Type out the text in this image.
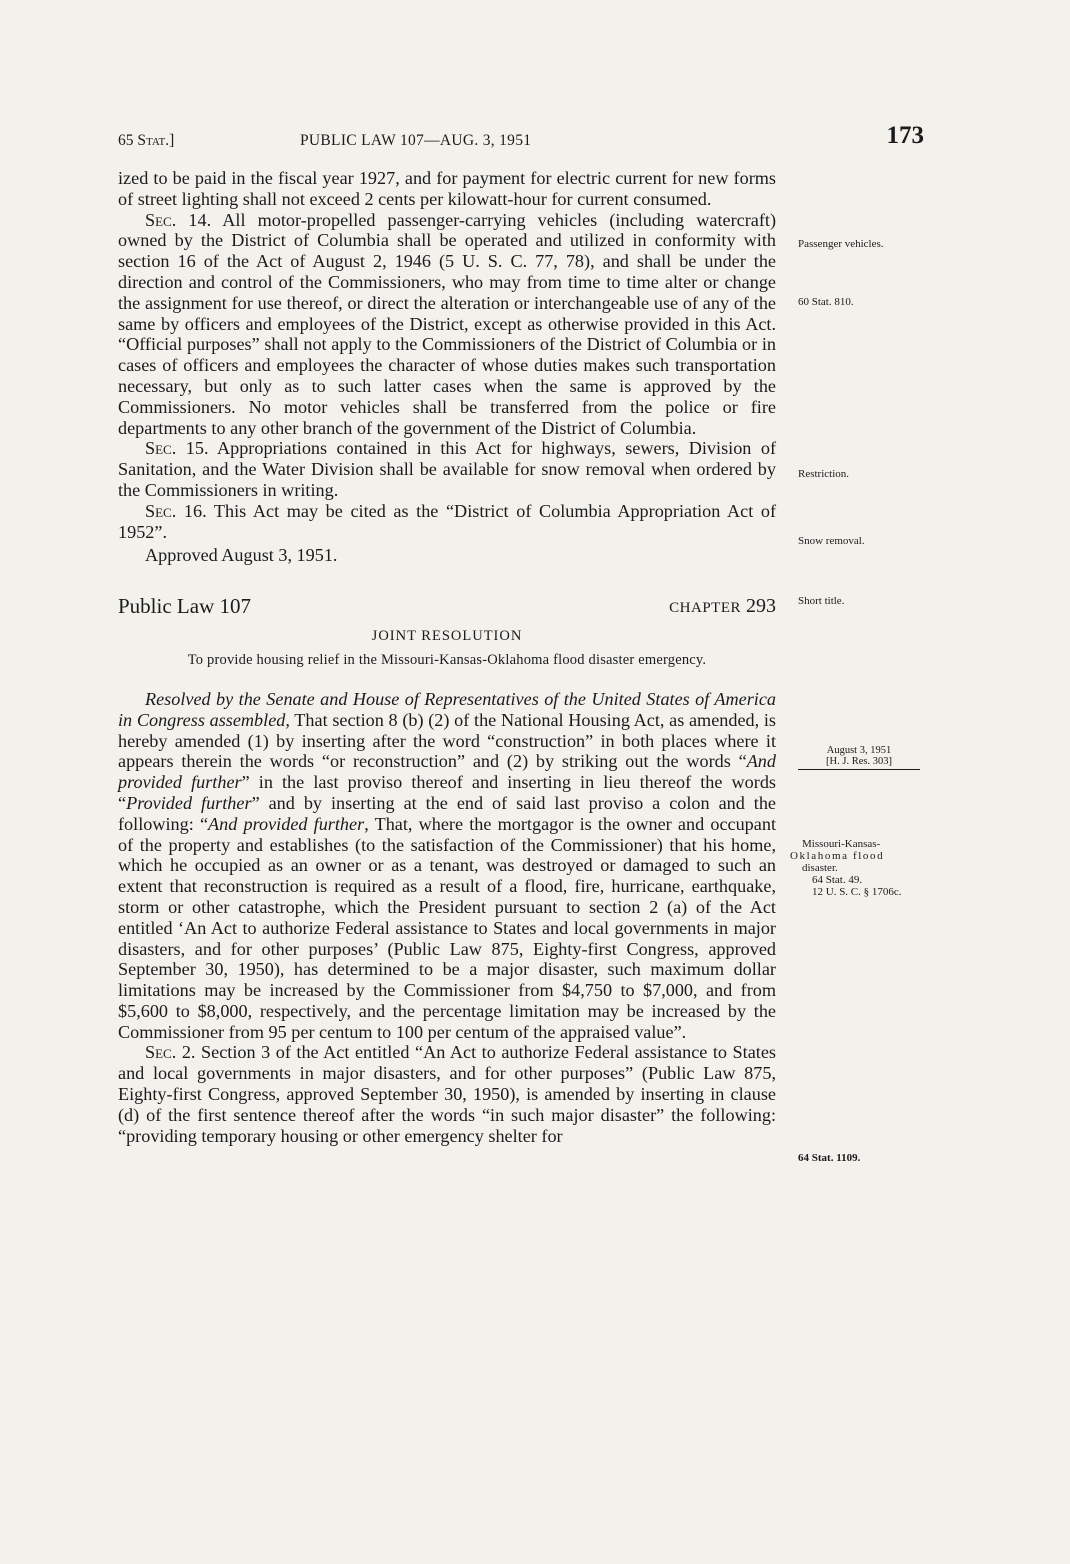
65 Stat.]	PUBLIC LAW 107—AUG. 3, 1951	173

ized to be paid in the fiscal year 1927, and for payment for electric current for new forms of street lighting shall not exceed 2 cents per kilowatt-hour for current consumed.

Sec. 14. All motor-propelled passenger-carrying vehicles (including watercraft) owned by the District of Columbia shall be operated and utilized in conformity with section 16 of the Act of August 2, 1946 (5 U. S. C. 77, 78), and shall be under the direction and control of the Commissioners, who may from time to time alter or change the assignment for use thereof, or direct the alteration or interchangeable use of any of the same by officers and employees of the District, except as otherwise provided in this Act. “Official purposes” shall not apply to the Commissioners of the District of Columbia or in cases of officers and employees the character of whose duties makes such transportation necessary, but only as to such latter cases when the same is approved by the Commissioners. No motor vehicles shall be transferred from the police or fire departments to any other branch of the government of the District of Columbia.

Sec. 15. Appropriations contained in this Act for highways, sewers, Division of Sanitation, and the Water Division shall be available for snow removal when ordered by the Commissioners in writing.

Sec. 16. This Act may be cited as the “District of Columbia Appropriation Act of 1952”.

Approved August 3, 1951.

Public Law 107	CHAPTER 293

JOINT RESOLUTION

To provide housing relief in the Missouri-Kansas-Oklahoma flood disaster emergency.

Resolved by the Senate and House of Representatives of the United States of America in Congress assembled, That section 8 (b) (2) of the National Housing Act, as amended, is hereby amended (1) by inserting after the word “construction” in both places where it appears therein the words “or reconstruction” and (2) by striking out the words “And provided further” in the last proviso thereof and inserting in lieu thereof the words “Provided further” and by inserting at the end of said last proviso a colon and the following: “And provided further, That, where the mortgagor is the owner and occupant of the property and establishes (to the satisfaction of the Commissioner) that his home, which he occupied as an owner or as a tenant, was destroyed or damaged to such an extent that reconstruction is required as a result of a flood, fire, hurricane, earthquake, storm or other catastrophe, which the President pursuant to section 2 (a) of the Act entitled ‘An Act to authorize Federal assistance to States and local governments in major disasters, and for other purposes’ (Public Law 875, Eighty-first Congress, approved September 30, 1950), has determined to be a major disaster, such maximum dollar limitations may be increased by the Commissioner from $4,750 to $7,000, and from $5,600 to $8,000, respectively, and the percentage limitation may be increased by the Commissioner from 95 per centum to 100 per centum of the appraised value”.

Sec. 2. Section 3 of the Act entitled “An Act to authorize Federal assistance to States and local governments in major disasters, and for other purposes” (Public Law 875, Eighty-first Congress, approved September 30, 1950), is amended by inserting in clause (d) of the first sentence thereof after the words “in such major disaster” the following: “providing temporary housing or other emergency shelter for

Passenger vehicles.
60 Stat. 810.
Restriction.
Snow removal.
Short title.
August 3, 1951
[H. J. Res. 303]
Missouri-Kansas-
Oklahoma flood
disaster.
64 Stat. 49.
12 U. S. C. § 1706c.
64 Stat. 1109.
